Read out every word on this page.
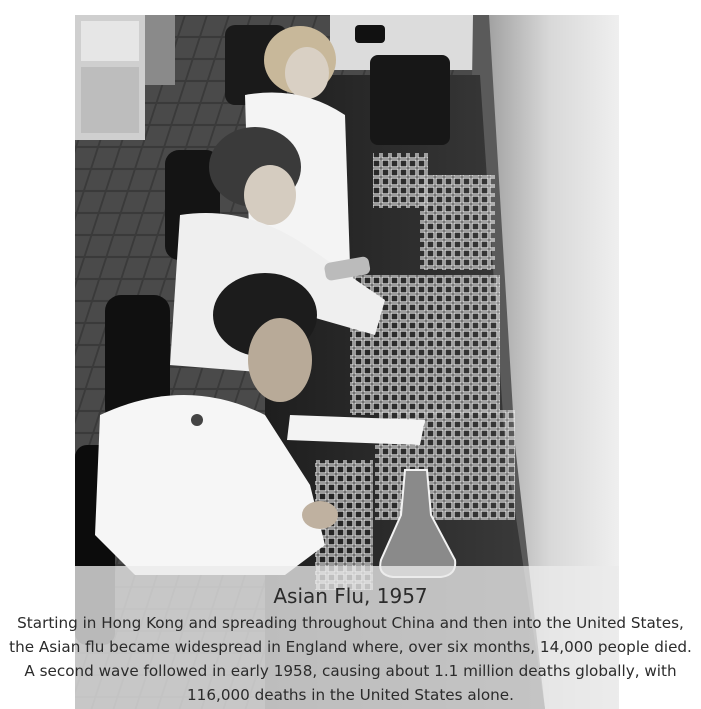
Asian Flu, 1957

Starting in Hong Kong and spreading throughout China and then into the United States,
the Asian flu became widespread in England where, over six months, 14,000 people died.
A second wave followed in early 1958, causing about 1.1 million deaths globally, with
116,000 deaths in the United States alone.
